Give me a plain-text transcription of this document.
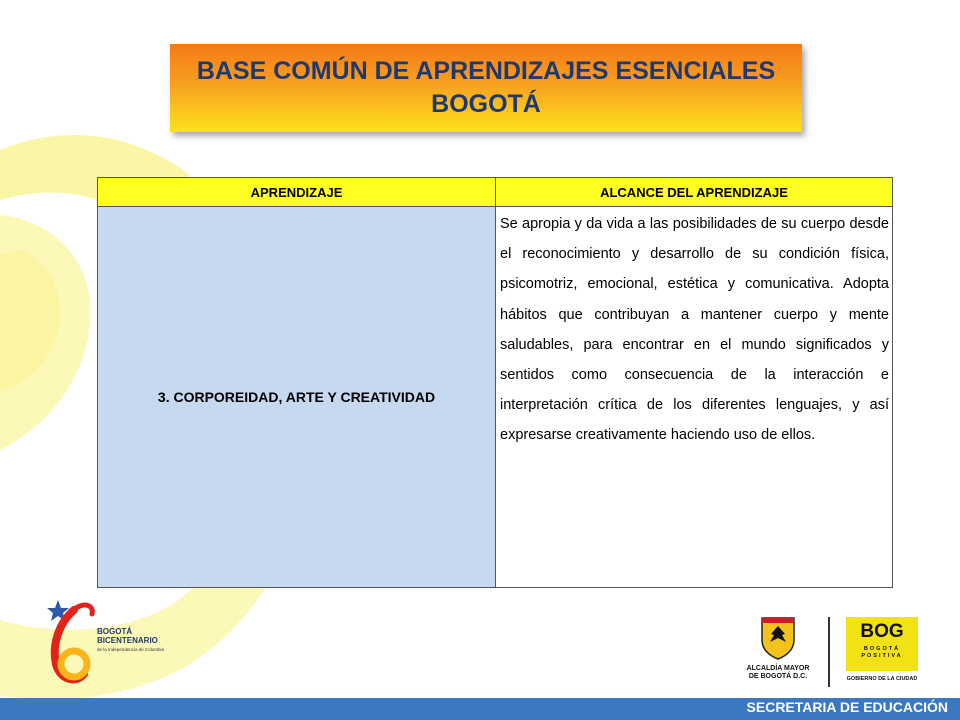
BASE COMÚN DE APRENDIZAJES ESENCIALES
BOGOTÁ
APRENDIZAJE	ALCANCE DEL APRENDIZAJE
3. CORPOREIDAD, ARTE Y CREATIVIDAD	Se apropia y da vida a las posibilidades de su cuerpo desde el reconocimiento y desarrollo de su condición física, psicomotriz, emocional, estética y comunicativa. Adopta hábitos que contribuyan a mantener cuerpo y mente saludables, para encontrar en el mundo significados y sentidos como consecuencia de la interacción e interpretación crítica de los diferentes lenguajes, y así expresarse creativamente haciendo uso de ellos.
BOGOTÁ
BICENTENARIO
de la Independencia de Colombia
ALCALDÍA MAYOR
DE BOGOTÁ D.C.
BOG
BOGOTÁ
POSITIVA
GOBIERNO DE LA CIUDAD
SECRETARIA DE EDUCACIÓN
